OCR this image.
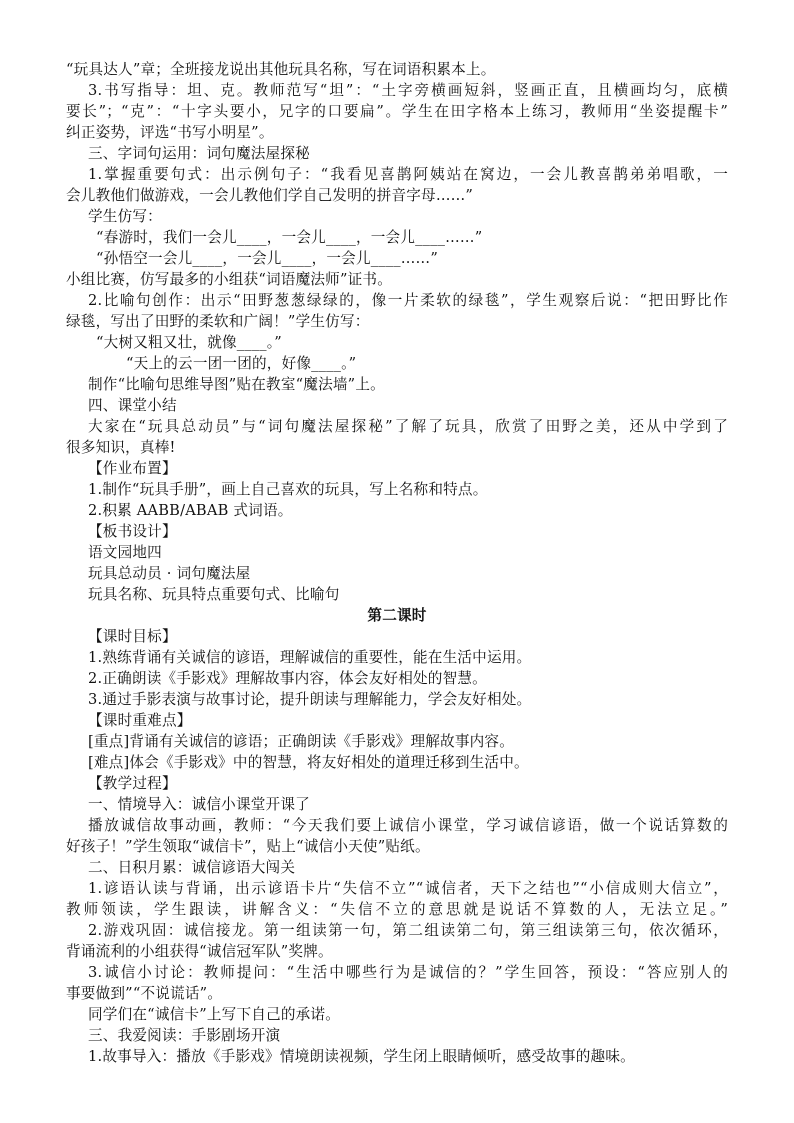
“玩具达人”章；全班接龙说出其他玩具名称，写在词语积累本上。
3.书写指导：坦、克。教师范写“坦”：“土字旁横画短斜，竖画正直，且横画均匀，底横
要长”；“克”：“十字头要小，兄字的口要扁”。学生在田字格本上练习，教师用“坐姿提醒卡”
纠正姿势，评选“书写小明星”。
三、字词句运用：词句魔法屋探秘
1.掌握重要句式：出示例句子：“我看见喜鹊阿姨站在窝边，一会儿教喜鹊弟弟唱歌，一
会儿教他们做游戏，一会儿教他们学自己发明的拼音字母……”
学生仿写：
“春游时，我们一会儿____，一会儿____，一会儿____……”
“孙悟空一会儿____，一会儿____，一会儿____……”
小组比赛，仿写最多的小组获“词语魔法师”证书。
2.比喻句创作：出示“田野葱葱绿绿的，像一片柔软的绿毯”，学生观察后说：“把田野比作
绿毯，写出了田野的柔软和广阔！”学生仿写：
“大树又粗又壮，就像____。”
“天上的云一团一团的，好像____。”
制作“比喻句思维导图”贴在教室“魔法墙”上。
四、课堂小结
大家在“玩具总动员”与“词句魔法屋探秘”了解了玩具，欣赏了田野之美，还从中学到了
很多知识，真棒!
【作业布置】
1.制作“玩具手册”，画上自己喜欢的玩具，写上名称和特点。
2.积累 AABB/ABAB 式词语。
【板书设计】
语文园地四
玩具总动员 · 词句魔法屋
玩具名称、玩具特点重要句式、比喻句
第二课时
【课时目标】
1.熟练背诵有关诚信的谚语，理解诚信的重要性，能在生活中运用。
2.正确朗读《手影戏》理解故事内容，体会友好相处的智慧。
3.通过手影表演与故事讨论，提升朗读与理解能力，学会友好相处。
【课时重难点】
[重点]背诵有关诚信的谚语；正确朗读《手影戏》理解故事内容。
[难点]体会《手影戏》中的智慧，将友好相处的道理迁移到生活中。
【教学过程】
一、情境导入：诚信小课堂开课了
播放诚信故事动画，教师：“今天我们要上诚信小课堂，学习诚信谚语，做一个说话算数的
好孩子！”学生领取“诚信卡”，贴上“诚信小天使”贴纸。
二、日积月累：诚信谚语大闯关
1.谚语认读与背诵，出示谚语卡片“失信不立”“诚信者，天下之结也”“小信成则大信立”，
教师领读，学生跟读，讲解含义：“失信不立的意思就是说话不算数的人，无法立足。”
2.游戏巩固：诚信接龙。第一组读第一句，第二组读第二句，第三组读第三句，依次循环，
背诵流利的小组获得“诚信冠军队”奖牌。
3.诚信小讨论：教师提问：“生活中哪些行为是诚信的？”学生回答，预设：“答应别人的
事要做到”“不说谎话”。
同学们在“诚信卡”上写下自己的承诺。
三、我爱阅读：手影剧场开演
1.故事导入：播放《手影戏》情境朗读视频，学生闭上眼睛倾听，感受故事的趣味。
